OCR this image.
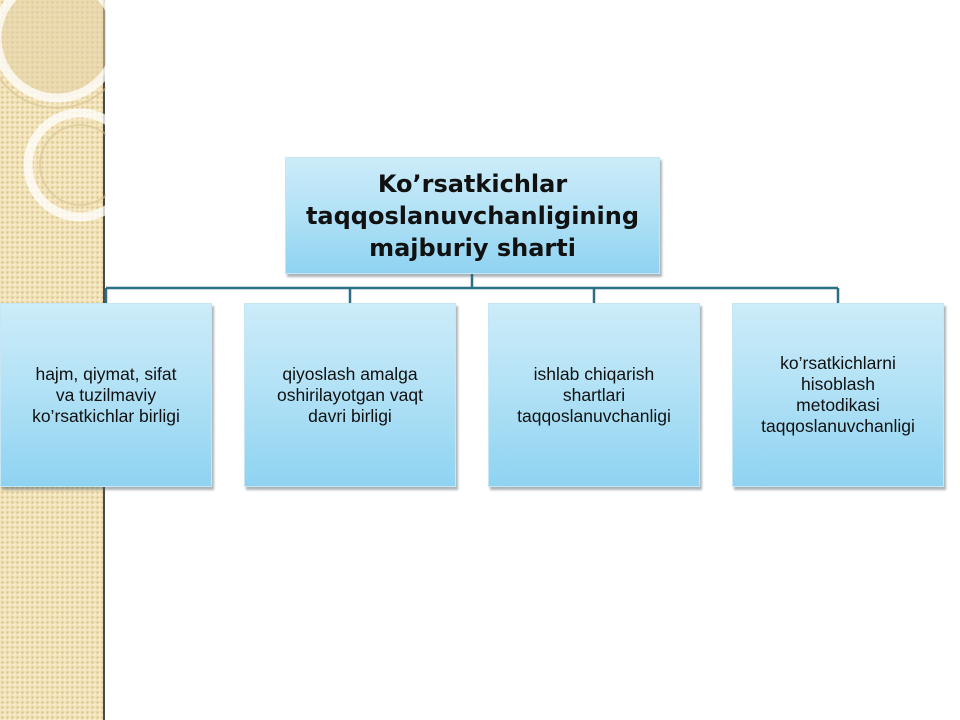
Ko’rsatkichlar
taqqoslanuvchanligining
majburiy sharti
hajm, qiymat, sifat
va tuzilmaviy
ko’rsatkichlar birligi
qiyoslash amalga
oshirilayotgan vaqt
davri birligi
ishlab chiqarish
shartlari
taqqoslanuvchanligi
ko’rsatkichlarni
hisoblash
metodikasi
taqqoslanuvchanligi
